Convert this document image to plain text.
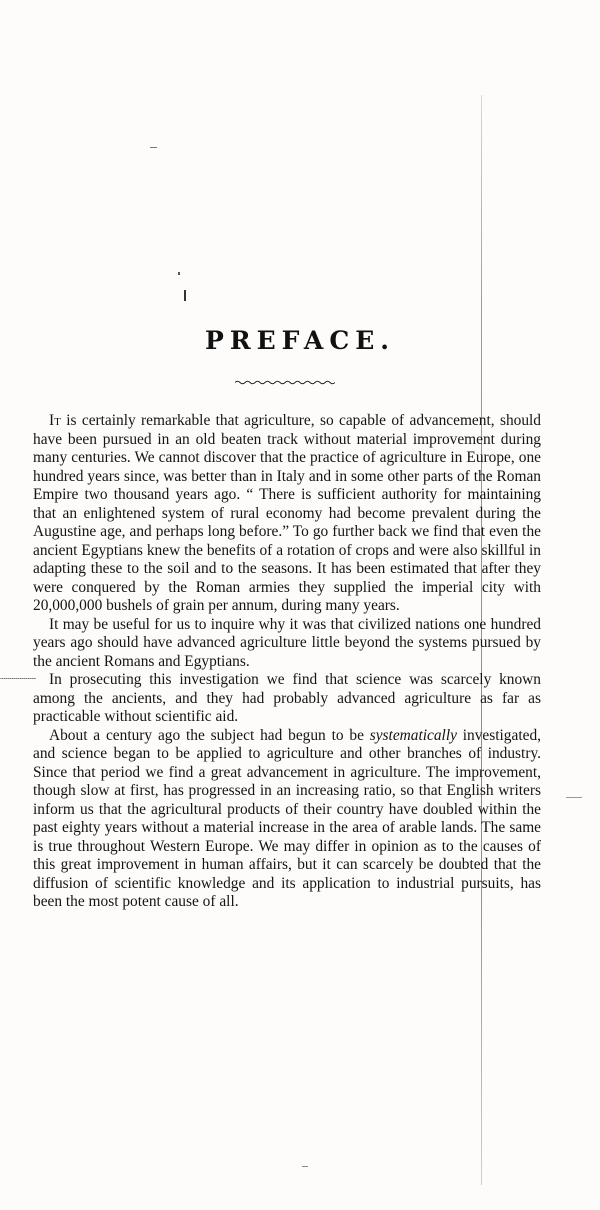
PREFACE.

It is certainly remarkable that agriculture, so capable of advancement, should have been pursued in an old beaten track without material improvement during many centuries. We cannot discover that the practice of agriculture in Europe, one hundred years since, was better than in Italy and in some other parts of the Roman Empire two thousand years ago. “ There is sufficient authority for maintaining that an enlightened system of rural economy had become prevalent during the Augustine age, and perhaps long before.” To go further back we find that even the ancient Egyptians knew the benefits of a rotation of crops and were also skillful in adapting these to the soil and to the seasons. It has been estimated that after they were conquered by the Roman armies they supplied the imperial city with 20,000,000 bushels of grain per annum, during many years.

It may be useful for us to inquire why it was that civilized nations one hundred years ago should have advanced agriculture little beyond the systems pursued by the ancient Romans and Egyptians.

In prosecuting this investigation we find that science was scarcely known among the ancients, and they had probably advanced agriculture as far as practicable without scientific aid.

About a century ago the subject had begun to be systematically investigated, and science began to be applied to agriculture and other branches of industry. Since that period we find a great advancement in agriculture. The improvement, though slow at first, has progressed in an increasing ratio, so that English writers inform us that the agricultural products of their country have doubled within the past eighty years without a material increase in the area of arable lands. The same is true throughout Western Europe. We may differ in opinion as to the causes of this great improvement in human affairs, but it can scarcely be doubted that the diffusion of scientific knowledge and its application to industrial pursuits, has been the most potent cause of all.
